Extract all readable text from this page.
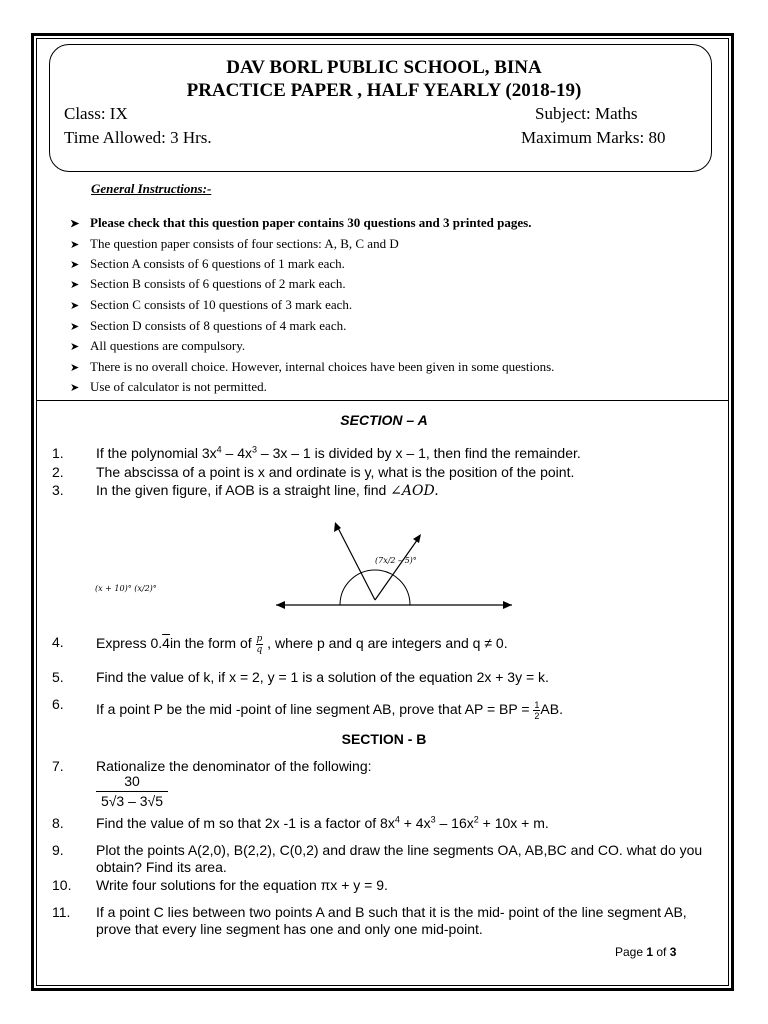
DAV BORL PUBLIC SCHOOL, BINA
PRACTICE PAPER , HALF YEARLY (2018-19)
Class: IX	Subject: Maths
Time Allowed: 3 Hrs.	Maximum Marks: 80
General Instructions:-
➤ Please check that this question paper contains 30 questions and 3 printed pages.
➤ The question paper consists of four sections: A, B, C and D
➤ Section A consists of 6 questions of 1 mark each.
➤ Section B consists of 6 questions of 2 mark each.
➤ Section C consists of 10 questions of 3 mark each.
➤ Section D consists of 8 questions of 4 mark each.
➤ All questions are compulsory.
➤ There is no overall choice. However, internal choices have been given in some questions.
➤ Use of calculator is not permitted.
SECTION – A
1. If the polynomial $3x^4 - 4x^3 - 3x - 1$ is divided by x – 1, then find the remainder.
2. The abscissa of a point is x and ordinate is y, what is the position of the point.
3. In the given figure, if AOB is a straight line, find ∠AOD.
(x + 10)° (x/2)°
(7x/2 – 5)°
4. Express 0.4in the form of $\frac{p}{q}$ , where p and q are integers and q ≠ 0.
5. Find the value of k, if x = 2, y = 1 is a solution of the equation 2x + 3y = k.
6. If a point P be the mid -point of line segment AB, prove that AP = BP = $\frac{1}{2}$ AB.
SECTION - B
7. Rationalize the denominator of the following:
$\frac{30}{5√3 - 3√5}$
8. Find the value of m so that 2x -1 is a factor of $8x^4 + 4x^3 - 16x^2 + 10x + m$.
9. Plot the points A(2,0), B(2,2), C(0,2) and draw the line segments OA, AB,BC and CO. what do you obtain? Find its area.
10. Write four solutions for the equation πx + y = 9.
11. If a point C lies between two points A and B such that it is the mid- point of the line segment AB, prove that every line segment has one and only one mid-point.
Page 1 of 3
